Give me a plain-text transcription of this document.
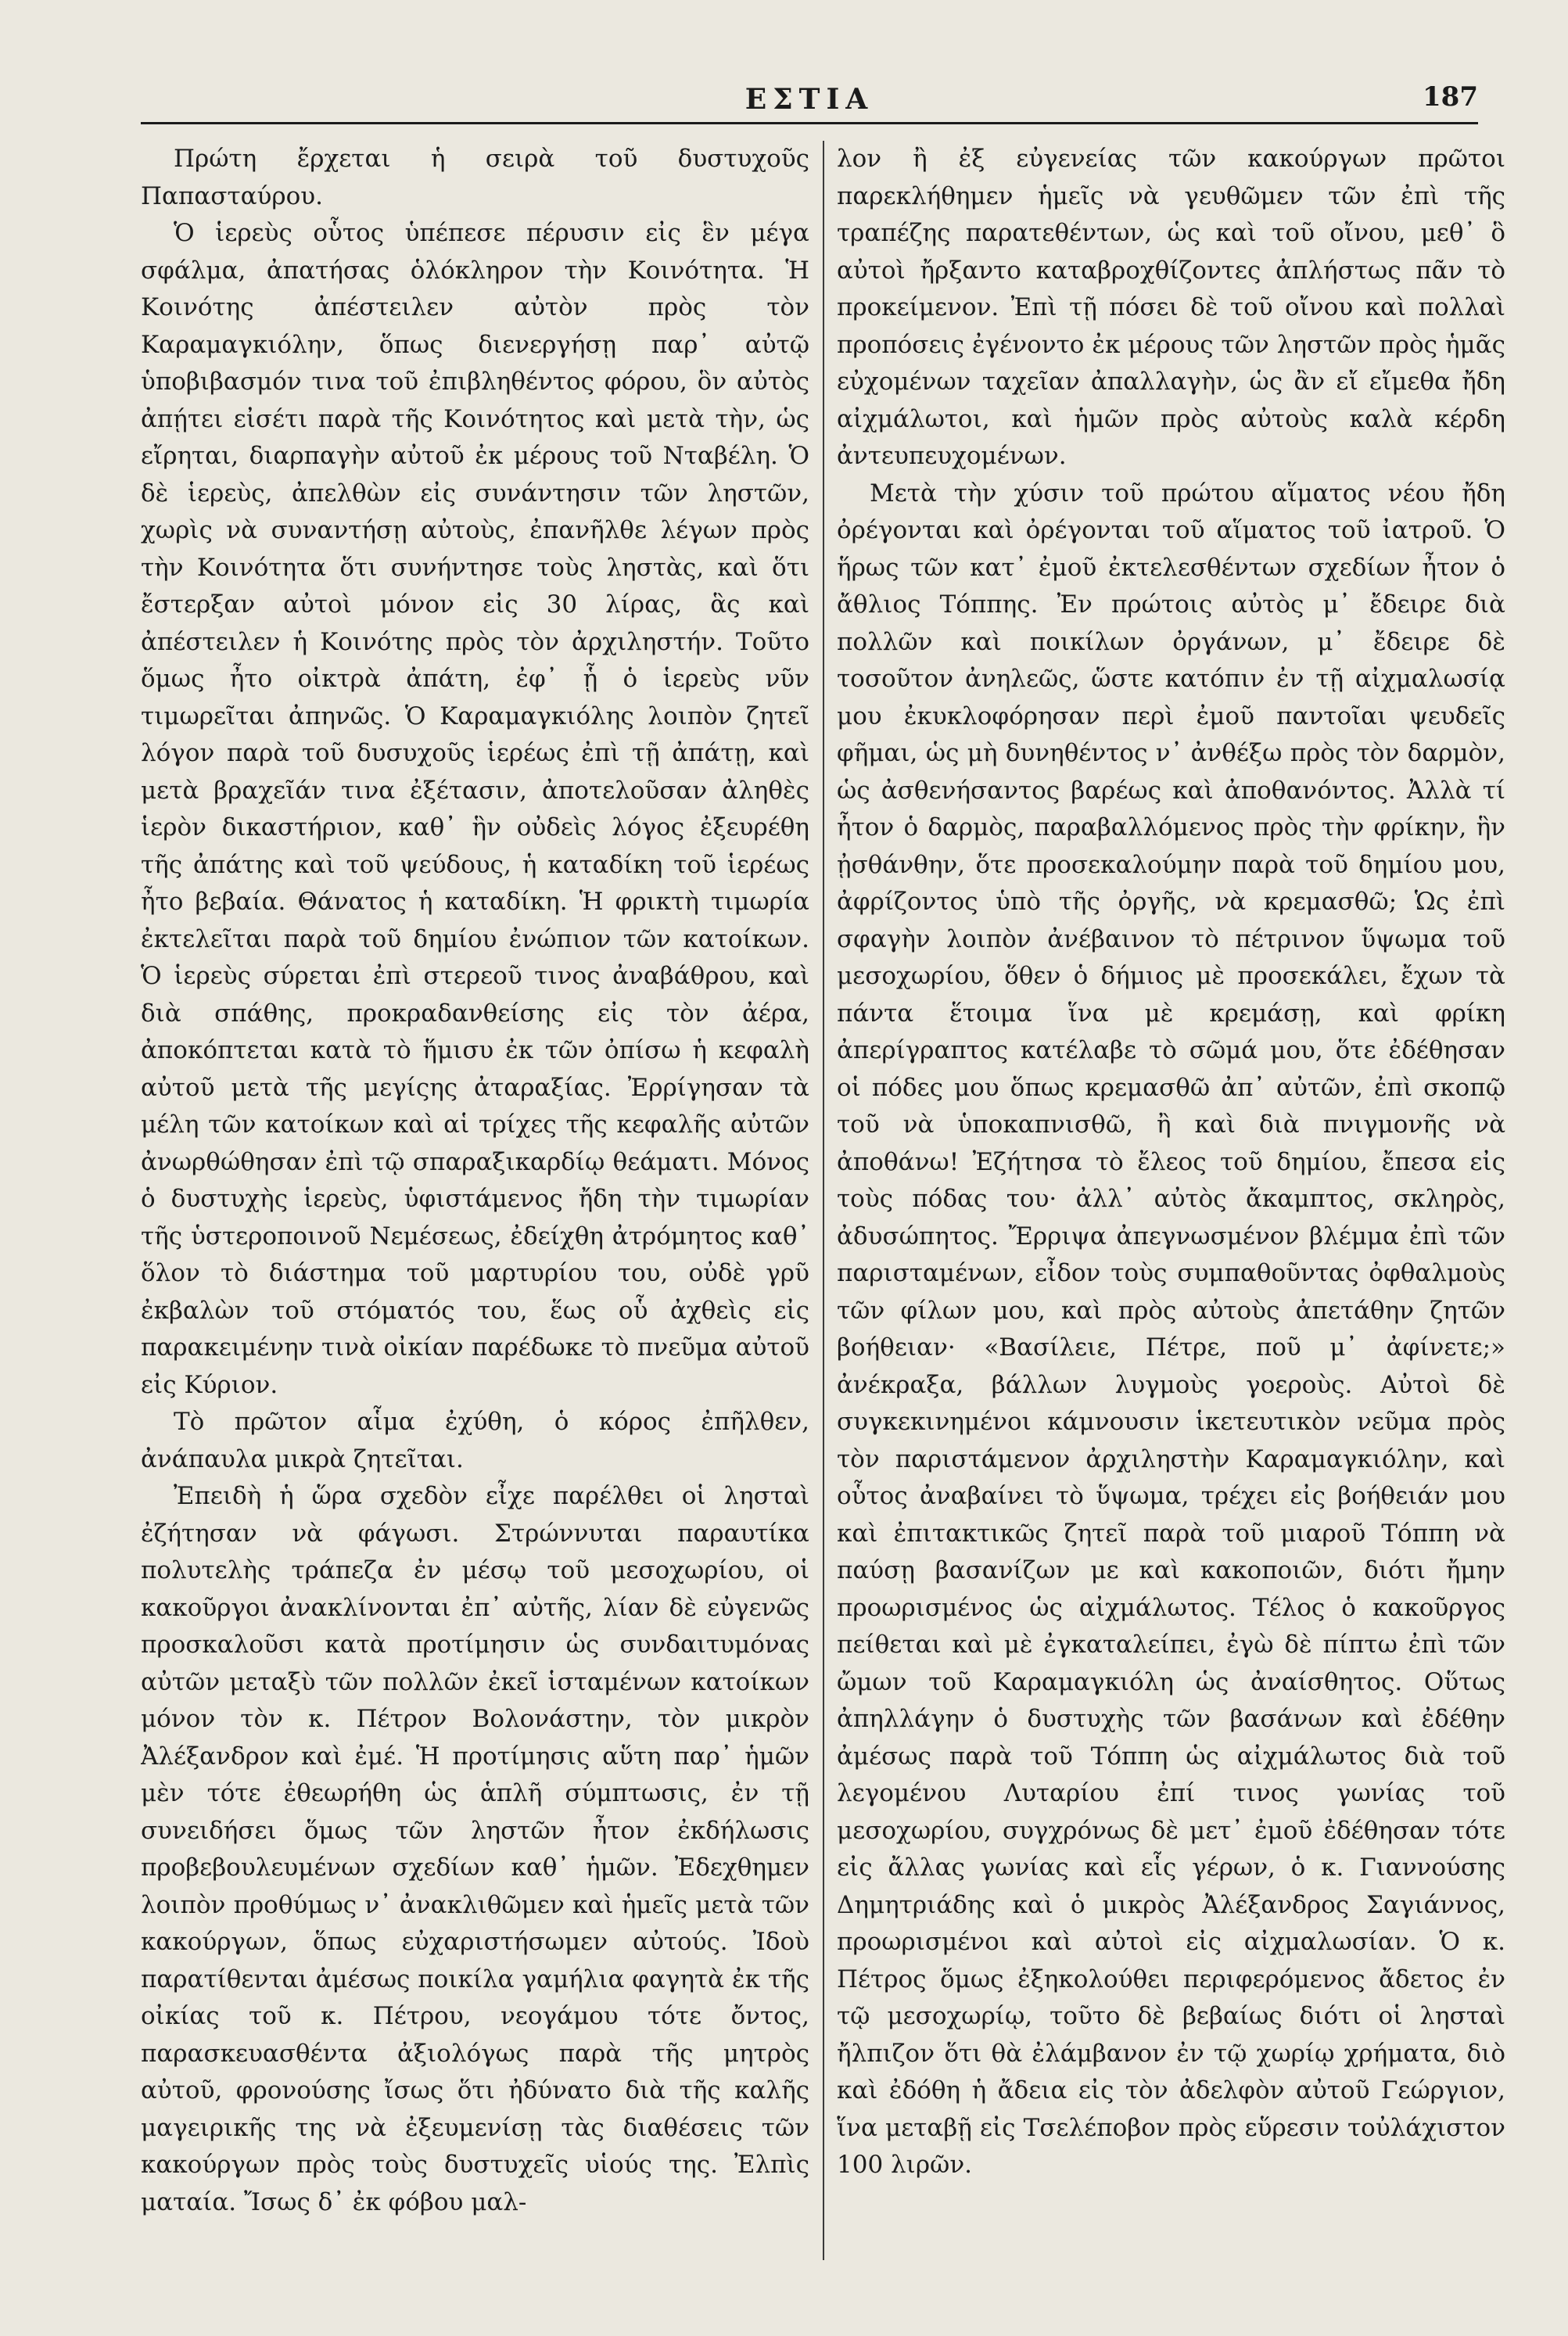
ΕΣΤΙΑ	187

Πρώτη ἔρχεται ἡ σειρὰ τοῦ δυστυχοῦς Παπασταύρου.

Ὁ ἱερεὺς οὗτος ὑπέπεσε πέρυσιν εἰς ἓν μέγα σφάλμα, ἀπατήσας ὁλόκληρον τὴν Κοινότητα. Ἡ Κοινότης ἀπέστειλεν αὐτὸν πρὸς τὸν Καραμαγκιόλην, ὅπως διενεργήσῃ παρ᾿ αὐτῷ ὑποβιβασμόν τινα τοῦ ἐπιβληθέντος φόρου, ὃν αὐτὸς ἀπῄτει εἰσέτι παρὰ τῆς Κοινότητος καὶ μετὰ τὴν, ὡς εἴρηται, διαρπαγὴν αὐτοῦ ἐκ μέρους τοῦ Νταβέλη. Ὁ δὲ ἱερεὺς, ἀπελθὼν εἰς συνάντησιν τῶν ληστῶν, χωρὶς νὰ συναντήσῃ αὐτοὺς, ἐπανῆλθε λέγων πρὸς τὴν Κοινότητα ὅτι συνήντησε τοὺς ληστὰς, καὶ ὅτι ἔστερξαν αὐτοὶ μόνον εἰς 30 λίρας, ἃς καὶ ἀπέστειλεν ἡ Κοινότης πρὸς τὸν ἀρχιληστήν. Τοῦτο ὅμως ἦτο οἰκτρὰ ἀπάτη, ἐφ᾿ ᾗ ὁ ἱερεὺς νῦν τιμωρεῖται ἀπηνῶς. Ὁ Καραμαγκιόλης λοιπὸν ζητεῖ λόγον παρὰ τοῦ δυσυχοῦς ἱερέως ἐπὶ τῇ ἀπάτῃ, καὶ μετὰ βραχεῖάν τινα ἐξέτασιν, ἀποτελοῦσαν ἀληθὲς ἱερὸν δικαστήριον, καθ᾿ ἣν οὐδεὶς λόγος ἐξευρέθη τῆς ἀπάτης καὶ τοῦ ψεύδους, ἡ καταδίκη τοῦ ἱερέως ἦτο βεβαία. Θάνατος ἡ καταδίκη. Ἡ φρικτὴ τιμωρία ἐκτελεῖται παρὰ τοῦ δημίου ἐνώπιον τῶν κατοίκων. Ὁ ἱερεὺς σύρεται ἐπὶ στερεοῦ τινος ἀναβάθρου, καὶ διὰ σπάθης, προκραδανθείσης εἰς τὸν ἀέρα, ἀποκόπτεται κατὰ τὸ ἥμισυ ἐκ τῶν ὀπίσω ἡ κεφαλὴ αὐτοῦ μετὰ τῆς μεγίςης ἀταραξίας. Ἐρρίγησαν τὰ μέλη τῶν κατοίκων καὶ αἱ τρίχες τῆς κεφαλῆς αὐτῶν ἀνωρθώθησαν ἐπὶ τῷ σπαραξικαρδίῳ θεάματι. Μόνος ὁ δυστυχὴς ἱερεὺς, ὑφιστάμενος ἤδη τὴν τιμωρίαν τῆς ὑστεροποινοῦ Νεμέσεως, ἐδείχθη ἀτρόμητος καθ᾿ ὅλον τὸ διάστημα τοῦ μαρτυρίου του, οὐδὲ γρῦ ἐκβαλὼν τοῦ στόματός του, ἕως οὗ ἀχθεὶς εἰς παρακειμένην τινὰ οἰκίαν παρέδωκε τὸ πνεῦμα αὐτοῦ εἰς Κύριον.

Τὸ πρῶτον αἷμα ἐχύθη, ὁ κόρος ἐπῆλθεν, ἀνάπαυλα μικρὰ ζητεῖται.

Ἐπειδὴ ἡ ὥρα σχεδὸν εἶχε παρέλθει οἱ λησταὶ ἐζήτησαν νὰ φάγωσι. Στρώννυται παραυτίκα πολυτελὴς τράπεζα ἐν μέσῳ τοῦ μεσοχωρίου, οἱ κακοῦργοι ἀνακλίνονται ἐπ᾿ αὐτῆς, λίαν δὲ εὐγενῶς προσκαλοῦσι κατὰ προτίμησιν ὡς συνδαιτυμόνας αὐτῶν μεταξὺ τῶν πολλῶν ἐκεῖ ἱσταμένων κατοίκων μόνον τὸν κ. Πέτρον Βολονάστην, τὸν μικρὸν Ἀλέξανδρον καὶ ἐμέ. Ἡ προτίμησις αὕτη παρ᾿ ἡμῶν μὲν τότε ἐθεωρήθη ὡς ἁπλῆ σύμπτωσις, ἐν τῇ συνειδήσει ὅμως τῶν ληστῶν ἦτον ἐκδήλωσις προβεβουλευμένων σχεδίων καθ᾿ ἡμῶν. Ἐδεχθημεν λοιπὸν προθύμως ν᾿ ἀνακλιθῶμεν καὶ ἡμεῖς μετὰ τῶν κακούργων, ὅπως εὐχαριστήσωμεν αὐτούς. Ἰδοὺ παρατίθενται ἀμέσως ποικίλα γαμήλια φαγητὰ ἐκ τῆς οἰκίας τοῦ κ. Πέτρου, νεογάμου τότε ὄντος, παρασκευασθέντα ἀξιολόγως παρὰ τῆς μητρὸς αὐτοῦ, φρονούσης ἴσως ὅτι ἠδύνατο διὰ τῆς καλῆς μαγειρικῆς της νὰ ἐξευμενίσῃ τὰς διαθέσεις τῶν κακούργων πρὸς τοὺς δυστυχεῖς υἱούς της. Ἐλπὶς ματαία. Ἴσως δ᾿ ἐκ φόβου μαλ-

λον ἢ ἐξ εὐγενείας τῶν κακούργων πρῶτοι παρεκλήθημεν ἡμεῖς νὰ γευθῶμεν τῶν ἐπὶ τῆς τραπέζης παρατεθέντων, ὡς καὶ τοῦ οἴνου, μεθ᾿ ὃ αὐτοὶ ἤρξαντο καταβροχθίζοντες ἀπλήστως πᾶν τὸ προκείμενον. Ἐπὶ τῇ πόσει δὲ τοῦ οἴνου καὶ πολλαὶ προπόσεις ἐγένοντο ἐκ μέρους τῶν ληστῶν πρὸς ἡμᾶς εὐχομένων ταχεῖαν ἀπαλλαγὴν, ὡς ἂν εἴ εἴμεθα ἤδη αἰχμάλωτοι, καὶ ἡμῶν πρὸς αὐτοὺς καλὰ κέρδη ἀντευπευχομένων.

Μετὰ τὴν χύσιν τοῦ πρώτου αἵματος νέου ἤδη ὀρέγονται καὶ ὀρέγονται τοῦ αἵματος τοῦ ἰατροῦ. Ὁ ἥρως τῶν κατ᾿ ἐμοῦ ἐκτελεσθέντων σχεδίων ἦτον ὁ ἄθλιος Τόππης. Ἐν πρώτοις αὐτὸς μ᾿ ἔδειρε διὰ πολλῶν καὶ ποικίλων ὀργάνων, μ᾿ ἔδειρε δὲ τοσοῦτον ἀνηλεῶς, ὥστε κατόπιν ἐν τῇ αἰχμαλωσίᾳ μου ἐκυκλοφόρησαν περὶ ἐμοῦ παντοῖαι ψευδεῖς φῆμαι, ὡς μὴ δυνηθέντος ν᾿ ἀνθέξω πρὸς τὸν δαρμὸν, ὡς ἀσθενήσαντος βαρέως καὶ ἀποθανόντος. Ἀλλὰ τί ἦτον ὁ δαρμὸς, παραβαλλόμενος πρὸς τὴν φρίκην, ἣν ᾐσθάνθην, ὅτε προσεκαλούμην παρὰ τοῦ δημίου μου, ἀφρίζοντος ὑπὸ τῆς ὀργῆς, νὰ κρεμασθῶ; Ὡς ἐπὶ σφαγὴν λοιπὸν ἀνέβαινον τὸ πέτρινον ὕψωμα τοῦ μεσοχωρίου, ὅθεν ὁ δήμιος μὲ προσεκάλει, ἔχων τὰ πάντα ἕτοιμα ἵνα μὲ κρεμάσῃ, καὶ φρίκη ἀπερίγραπτος κατέλαβε τὸ σῶμά μου, ὅτε ἐδέθησαν οἱ πόδες μου ὅπως κρεμασθῶ ἀπ᾿ αὐτῶν, ἐπὶ σκοπῷ τοῦ νὰ ὑποκαπνισθῶ, ἢ καὶ διὰ πνιγμονῆς νὰ ἀποθάνω! Ἐζήτησα τὸ ἔλεος τοῦ δημίου, ἔπεσα εἰς τοὺς πόδας του· ἀλλ᾿ αὐτὸς ἄκαμπτος, σκληρὸς, ἀδυσώπητος. Ἔρριψα ἀπεγνωσμένον βλέμμα ἐπὶ τῶν παρισταμένων, εἶδον τοὺς συμπαθοῦντας ὀφθαλμοὺς τῶν φίλων μου, καὶ πρὸς αὐτοὺς ἀπετάθην ζητῶν βοήθειαν· «Βασίλειε, Πέτρε, ποῦ μ᾿ ἀφίνετε;» ἀνέκραξα, βάλλων λυγμοὺς γοεροὺς. Αὐτοὶ δὲ συγκεκινημένοι κάμνουσιν ἱκετευτικὸν νεῦμα πρὸς τὸν παριστάμενον ἀρχιληστὴν Καραμαγκιόλην, καὶ οὗτος ἀναβαίνει τὸ ὕψωμα, τρέχει εἰς βοήθειάν μου καὶ ἐπιτακτικῶς ζητεῖ παρὰ τοῦ μιαροῦ Τόππη νὰ παύσῃ βασανίζων με καὶ κακοποιῶν, διότι ἤμην προωρισμένος ὡς αἰχμάλωτος. Τέλος ὁ κακοῦργος πείθεται καὶ μὲ ἐγκαταλείπει, ἐγὼ δὲ πίπτω ἐπὶ τῶν ὤμων τοῦ Καραμαγκιόλη ὡς ἀναίσθητος. Οὕτως ἀπηλλάγην ὁ δυστυχὴς τῶν βασάνων καὶ ἐδέθην ἀμέσως παρὰ τοῦ Τόππη ὡς αἰχμάλωτος διὰ τοῦ λεγομένου Λυταρίου ἐπί τινος γωνίας τοῦ μεσοχωρίου, συγχρόνως δὲ μετ᾿ ἐμοῦ ἐδέθησαν τότε εἰς ἄλλας γωνίας καὶ εἷς γέρων, ὁ κ. Γιαννούσης Δημητριάδης καὶ ὁ μικρὸς Ἀλέξανδρος Σαγιάννος, προωρισμένοι καὶ αὐτοὶ εἰς αἰχμαλωσίαν. Ὁ κ. Πέτρος ὅμως ἐξηκολούθει περιφερόμενος ἄδετος ἐν τῷ μεσοχωρίῳ, τοῦτο δὲ βεβαίως διότι οἱ λησταὶ ἤλπιζον ὅτι θὰ ἐλάμβανον ἐν τῷ χωρίῳ χρήματα, διὸ καὶ ἐδόθη ἡ ἄδεια εἰς τὸν ἀδελφὸν αὐτοῦ Γεώργιον, ἵνα μεταβῇ εἰς Τσελέποβον πρὸς εὕρεσιν τοὐλάχιστον 100 λιρῶν.
